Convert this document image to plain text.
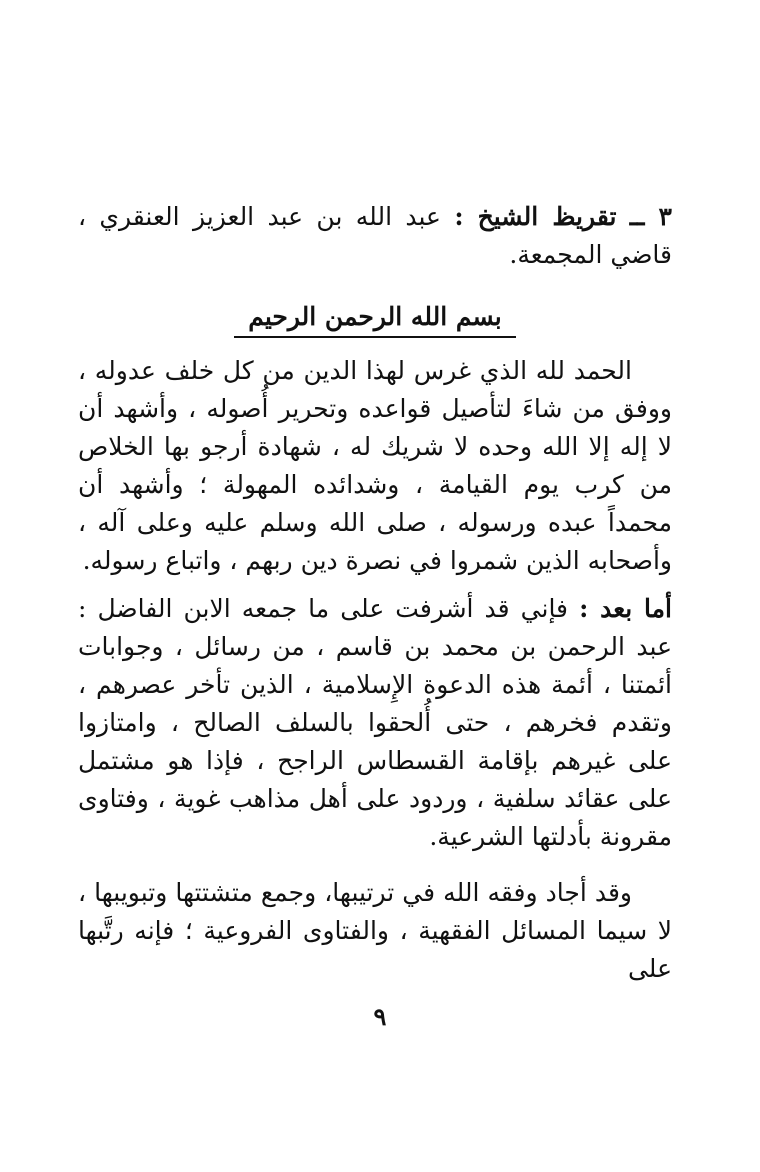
٣ ــ تقريظ الشيخ : عبد الله بن عبد العزيز العنقري ، قاضي المجمعة.

بسم الله الرحمن الرحيم

الحمد لله الذي غرس لهذا الدين من كل خلف عدوله ، ووفق من شاءَ لتأصيل قواعده وتحرير أُصوله ، وأشهد أن لا إله إلا الله وحده لا شريك له ، شهادة أرجو بها الخلاص من كرب يوم القيامة ، وشدائده المهولة ؛ وأشهد أن محمداً عبده ورسوله ، صلى الله وسلم عليه وعلى آله ، وأصحابه الذين شمروا في نصرة دين ربهم ، واتباع رسوله.

أما بعد : فإني قد أشرفت على ما جمعه الابن الفاضل : عبد الرحمن بن محمد بن قاسم ، من رسائل ، وجوابات أئمتنا ، أئمة هذه الدعوة الإِسلامية ، الذين تأخر عصرهم ، وتقدم فخرهم ، حتى أُلحقوا بالسلف الصالح ، وامتازوا على غيرهم بإقامة القسطاس الراجح ، فإذا هو مشتمل على عقائد سلفية ، وردود على أهل مذاهب غوية ، وفتاوى مقرونة بأدلتها الشرعية.

وقد أجاد وفقه الله في ترتيبها، وجمع متشتتها وتبويبها ، لا سيما المسائل الفقهية ، والفتاوى الفروعية ؛ فإنه رتَّبها على

٩
